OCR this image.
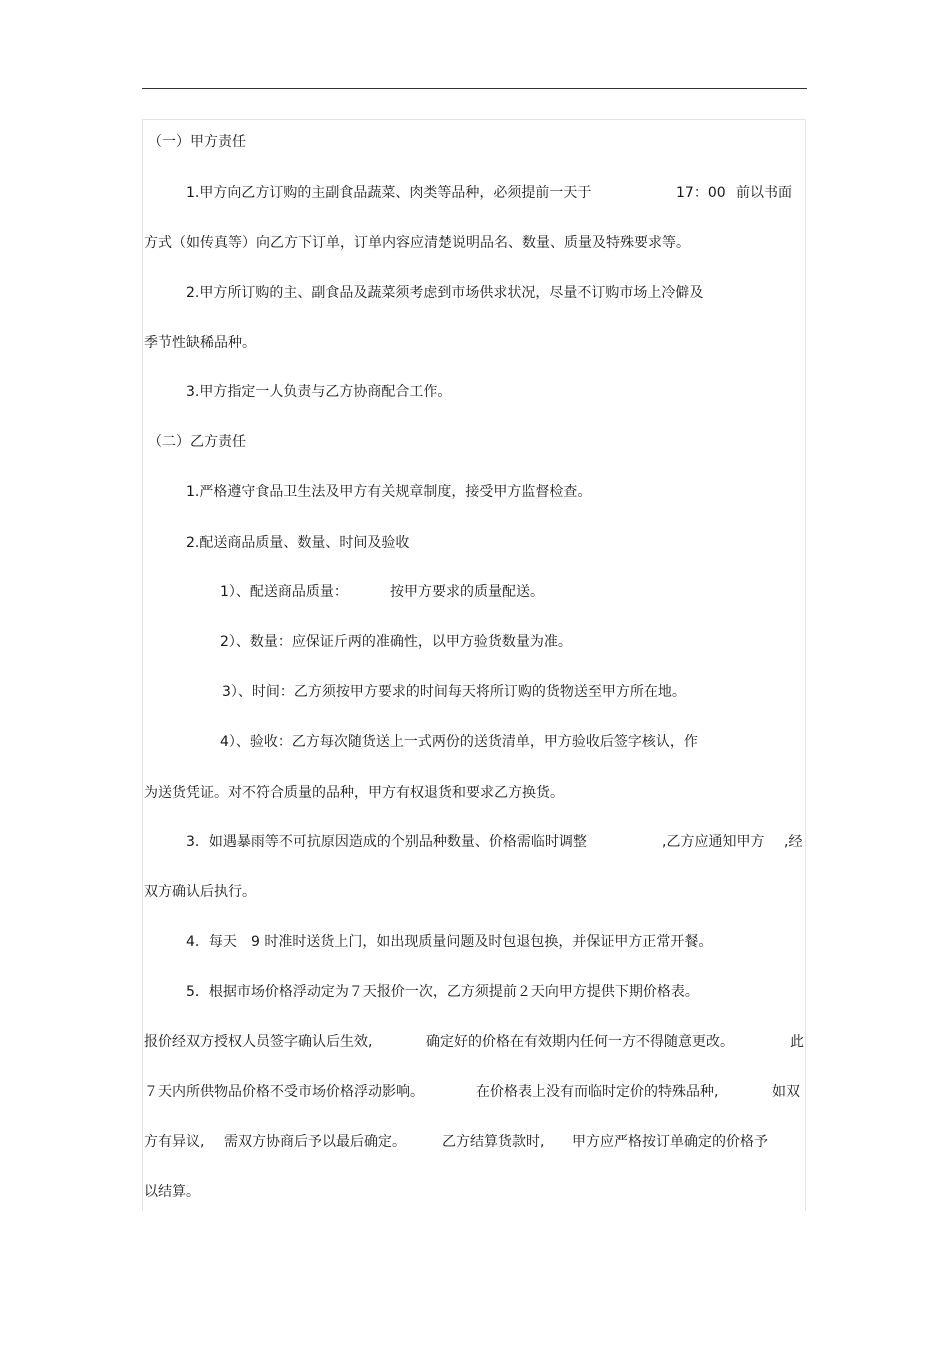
（一）甲方责任
1.甲方向乙方订购的主副食品蔬菜、肉类等品种，必须提前一天于	17：00 前以书面
方式（如传真等）向乙方下订单，订单内容应清楚说明品名、数量、质量及特殊要求等。
2.甲方所订购的主、副食品及蔬菜须考虑到市场供求状况，尽量不订购市场上冷僻及
季节性缺稀品种。
3.甲方指定一人负责与乙方协商配合工作。
（二）乙方责任
1.严格遵守食品卫生法及甲方有关规章制度，接受甲方监督检查。
2.配送商品质量、数量、时间及验收
1）、配送商品质量：	按甲方要求的质量配送。
2）、数量：应保证斤两的准确性，以甲方验货数量为准。
3）、时间：乙方须按甲方要求的时间每天将所订购的货物送至甲方所在地。
4）、验收：乙方每次随货送上一式两份的送货清单，甲方验收后签字核认，作
为送货凭证。对不符合质量的品种，甲方有权退货和要求乙方换货。
3．如遇暴雨等不可抗原因造成的个别品种数量、价格需临时调整	,乙方应通知甲方 ,经
双方确认后执行。
4．每天 9 时准时送货上门，如出现质量问题及时包退包换，并保证甲方正常开餐。
5．根据市场价格浮动定为７天报价一次，乙方须提前２天向甲方提供下期价格表。
报价经双方授权人员签字确认后生效,	确定好的价格在有效期内任何一方不得随意更改。	此
７天内所供物品价格不受市场价格浮动影响。	在价格表上没有而临时定价的特殊品种,	如双
方有异议, 需双方协商后予以最后确定。	乙方结算货款时, 甲方应严格按订单确定的价格予
以结算。
